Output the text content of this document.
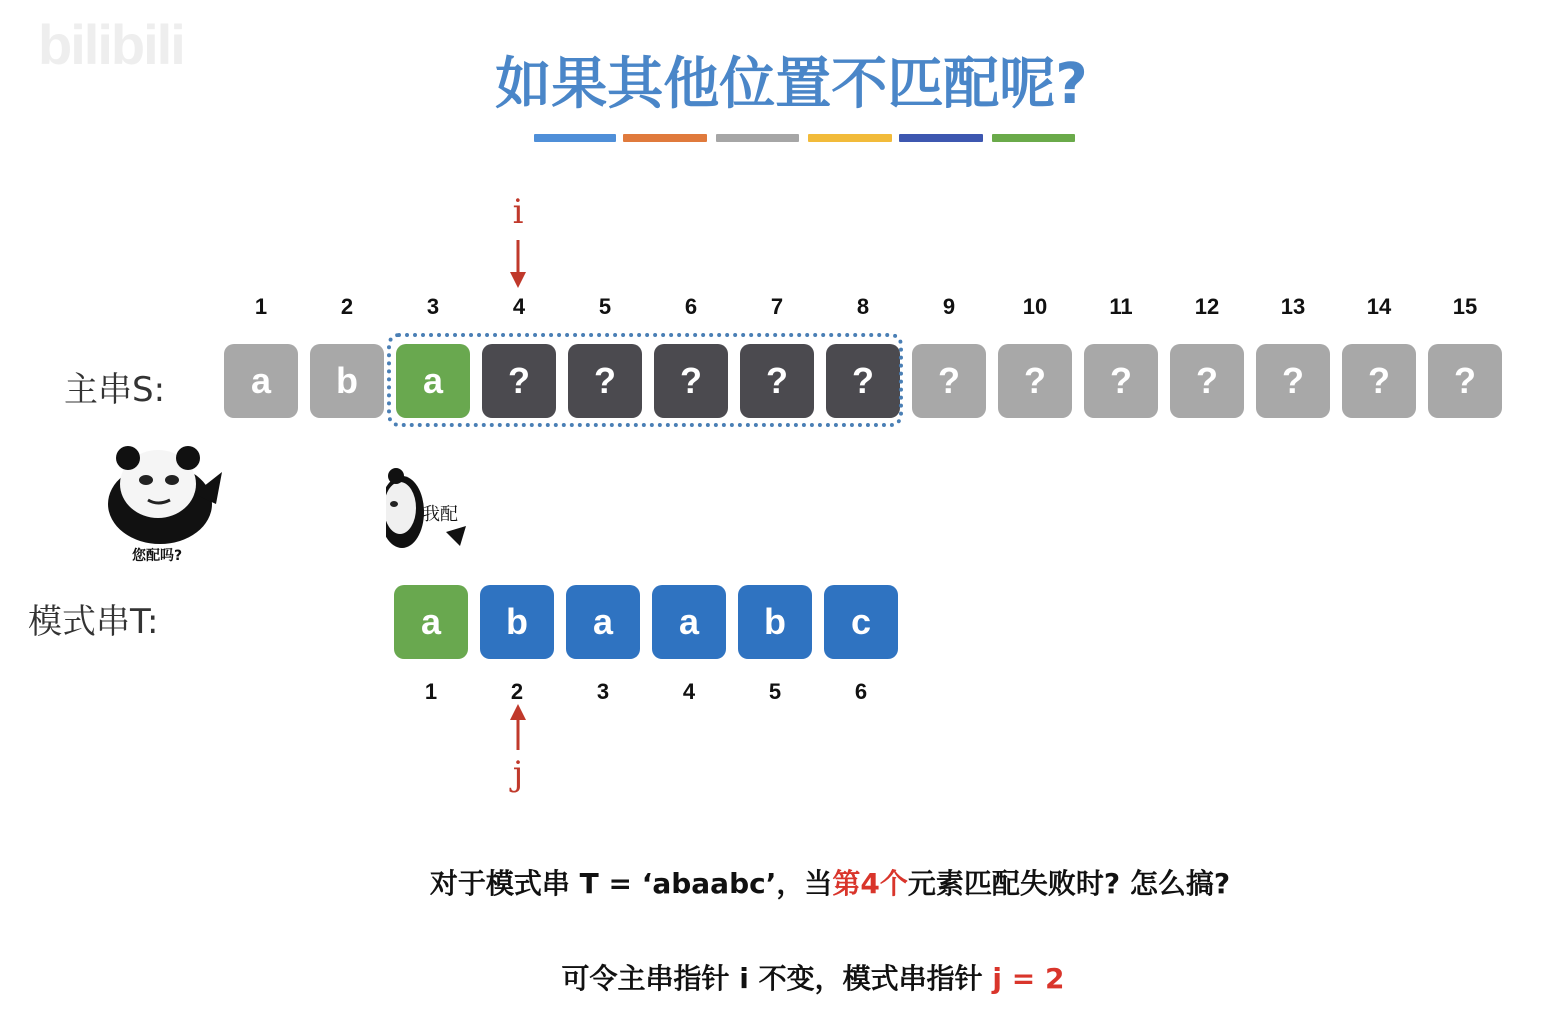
bilibili
如果其他位置不匹配呢?
i
1	2	3	4	5	6	7	8	9	10	11	12	13	14	15
主串S:	a	b	a	?	?	?	?	?	?	?	?	?	?	?	?
您配吗?
我配
模式串T:	a	b	a	a	b	c
1	2	3	4	5	6
j
对于模式串 T = ‘abaabc’，当第4个元素匹配失败时? 怎么搞?
可令主串指针 i 不变，模式串指针 j = 2
